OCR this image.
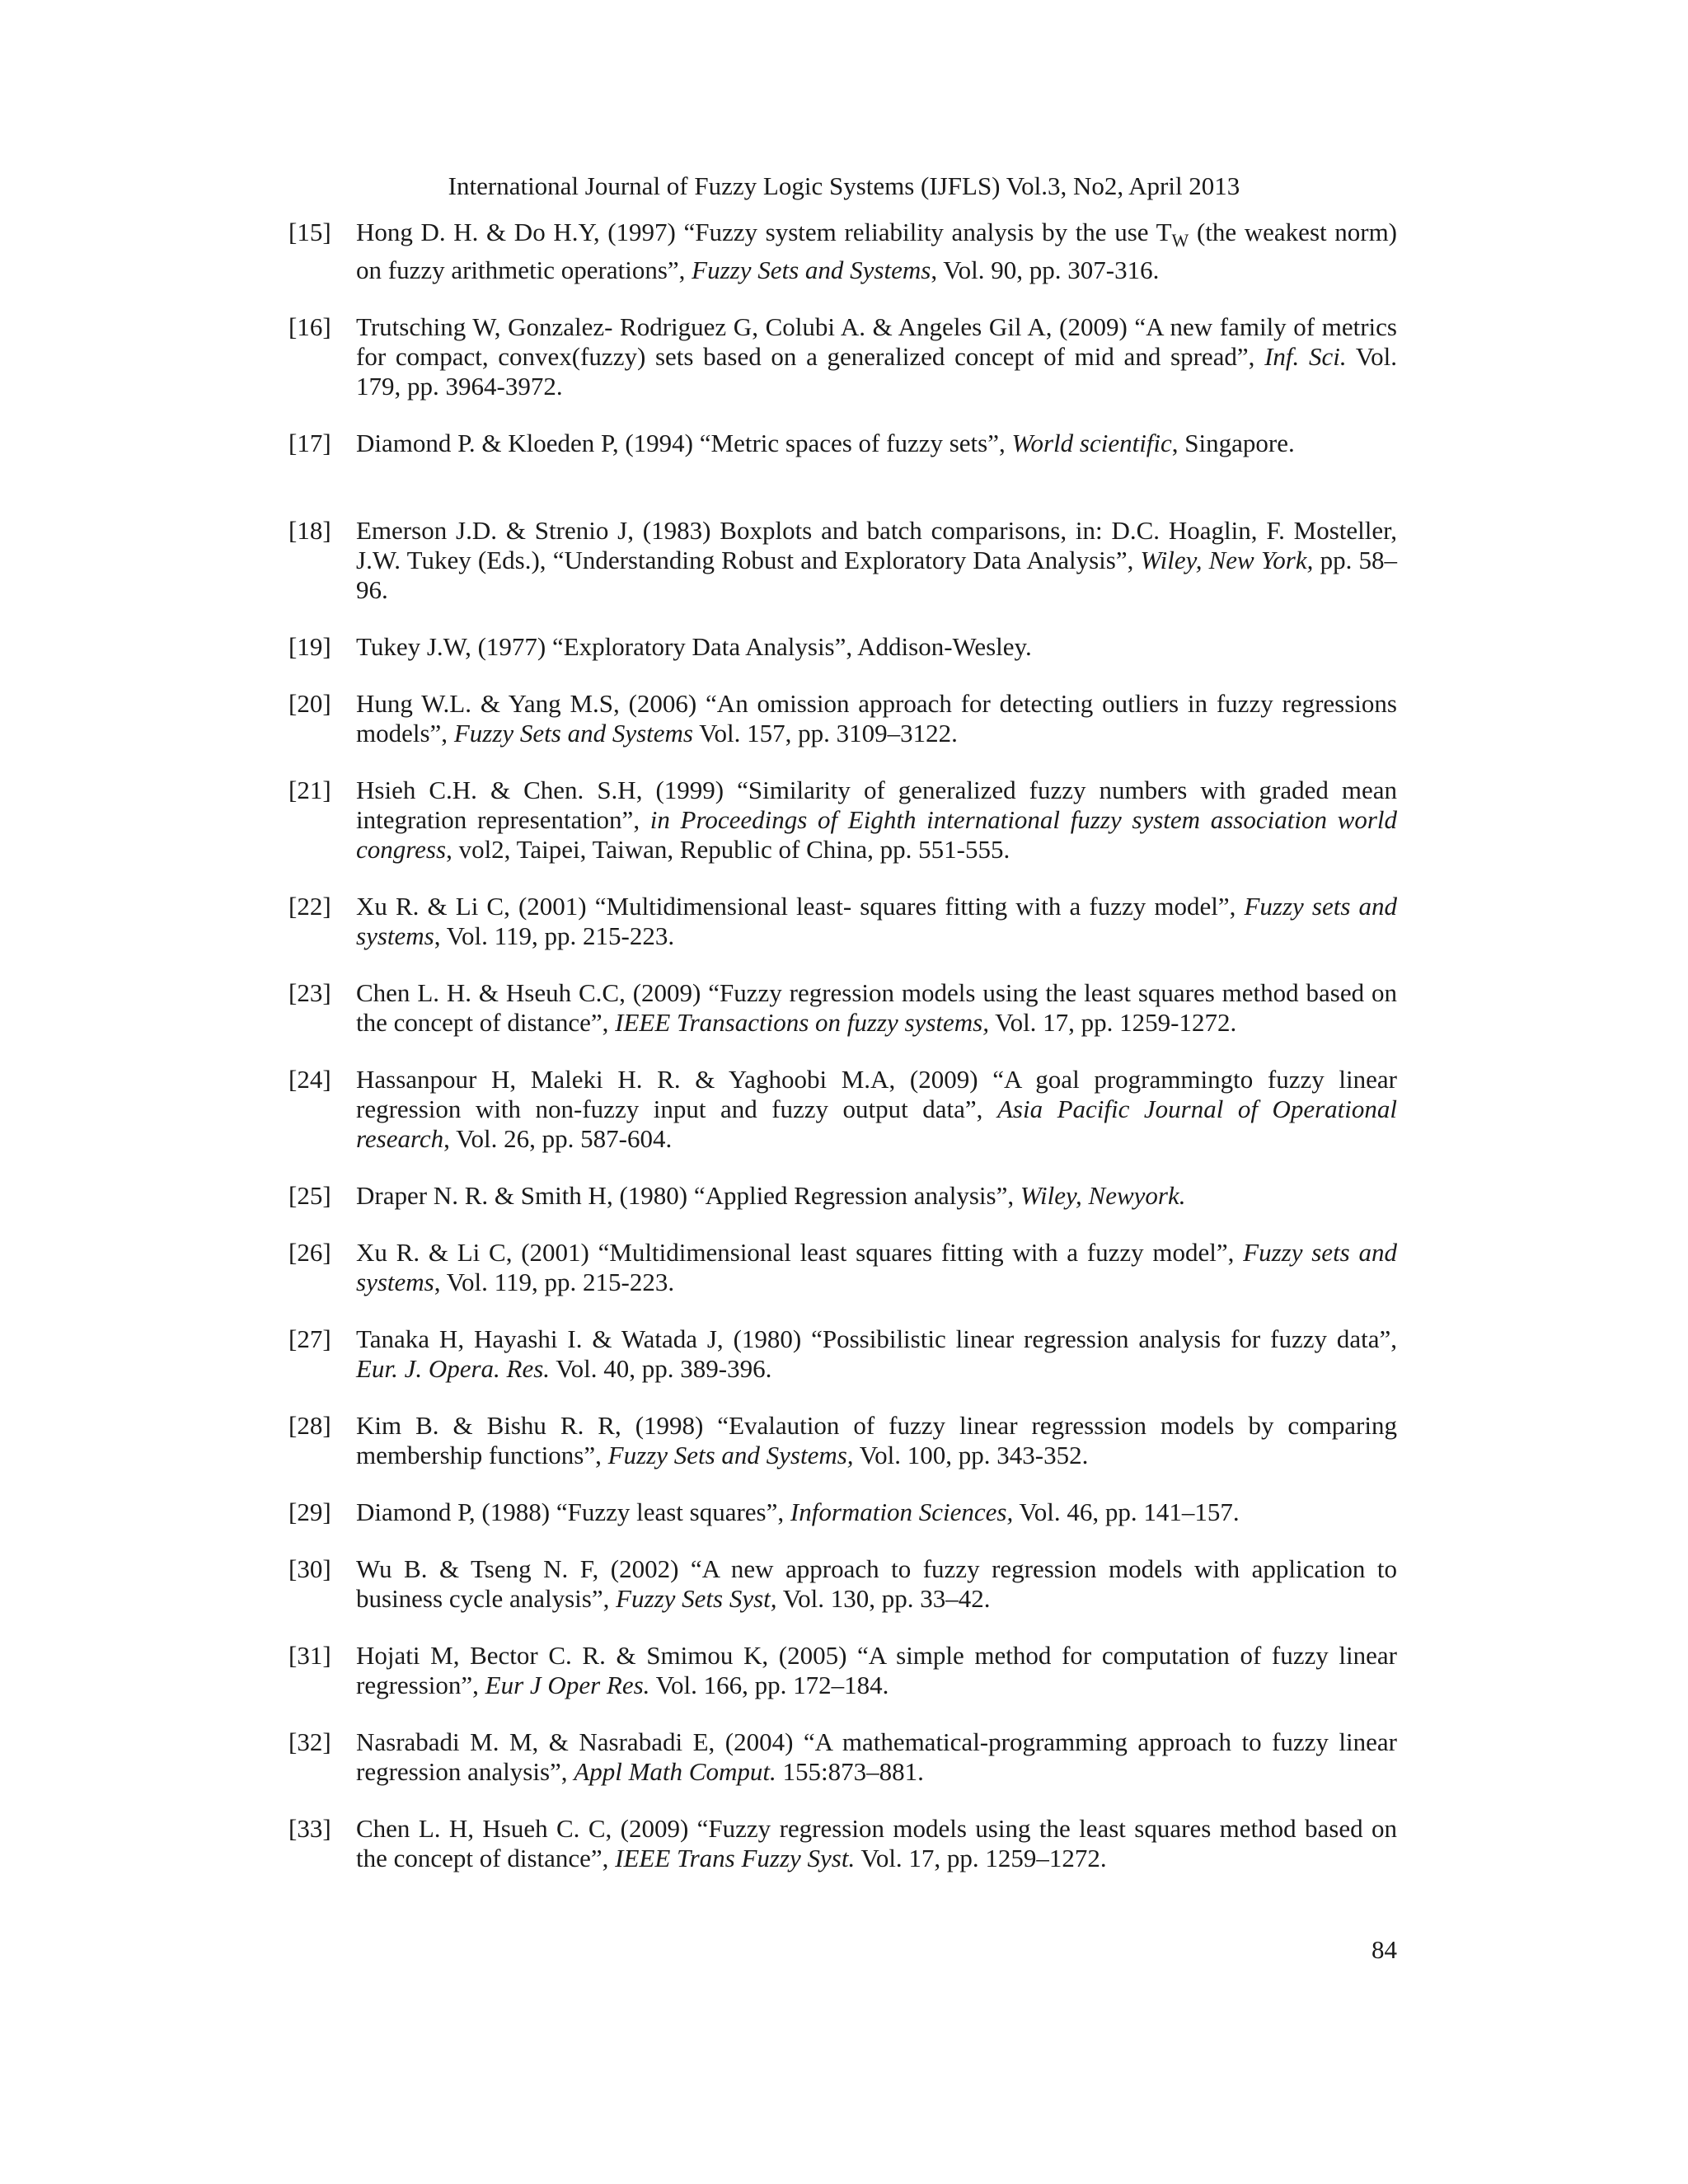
International Journal of Fuzzy Logic Systems (IJFLS) Vol.3, No2, April 2013
[15] Hong D. H. & Do H.Y, (1997) “Fuzzy system reliability analysis by the use $T_W$ (the weakest norm) on fuzzy arithmetic operations”, Fuzzy Sets and Systems, Vol. 90, pp. 307-316.
[16] Trutsching W, Gonzalez- Rodriguez G, Colubi A. & Angeles Gil A, (2009) “A new family of metrics for compact, convex(fuzzy) sets based on a generalized concept of mid and spread”, Inf. Sci. Vol. 179, pp. 3964-3972.
[17] Diamond P. & Kloeden P, (1994) “Metric spaces of fuzzy sets”, World scientific, Singapore.
[18] Emerson J.D. & Strenio J, (1983) Boxplots and batch comparisons, in: D.C. Hoaglin, F. Mosteller, J.W. Tukey (Eds.), “Understanding Robust and Exploratory Data Analysis”, Wiley, New York, pp. 58–96.
[19] Tukey J.W, (1977) “Exploratory Data Analysis”, Addison-Wesley.
[20] Hung W.L. & Yang M.S, (2006) “An omission approach for detecting outliers in fuzzy regressions models”, Fuzzy Sets and Systems Vol. 157, pp. 3109–3122.
[21] Hsieh C.H. & Chen. S.H, (1999) “Similarity of generalized fuzzy numbers with graded mean integration representation”, in Proceedings of Eighth international fuzzy system association world congress, vol2, Taipei, Taiwan, Republic of China, pp. 551-555.
[22] Xu R. & Li C, (2001) “Multidimensional least- squares fitting with a fuzzy model”, Fuzzy sets and systems, Vol. 119, pp. 215-223.
[23] Chen L. H. & Hseuh C.C, (2009) “Fuzzy regression models using the least squares method based on the concept of distance”, IEEE Transactions on fuzzy systems, Vol. 17, pp. 1259-1272.
[24] Hassanpour H, Maleki H. R. & Yaghoobi M.A, (2009) “A goal programmingto fuzzy linear regression with non-fuzzy input and fuzzy output data”, Asia Pacific Journal of Operational research, Vol. 26, pp. 587-604.
[25] Draper N. R. & Smith H, (1980) “Applied Regression analysis”, Wiley, Newyork.
[26] Xu R. & Li C, (2001) “Multidimensional least squares fitting with a fuzzy model”, Fuzzy sets and systems, Vol. 119, pp. 215-223.
[27] Tanaka H, Hayashi I. & Watada J, (1980) “Possibilistic linear regression analysis for fuzzy data”, Eur. J. Opera. Res. Vol. 40, pp. 389-396.
[28] Kim B. & Bishu R. R, (1998) “Evalaution of fuzzy linear regresssion models by comparing membership functions”, Fuzzy Sets and Systems, Vol. 100, pp. 343-352.
[29] Diamond P, (1988) “Fuzzy least squares”, Information Sciences, Vol. 46, pp. 141–157.
[30] Wu B. & Tseng N. F, (2002) “A new approach to fuzzy regression models with application to business cycle analysis”, Fuzzy Sets Syst, Vol. 130, pp. 33–42.
[31] Hojati M, Bector C. R. & Smimou K, (2005) “A simple method for computation of fuzzy linear regression”, Eur J Oper Res. Vol. 166, pp. 172–184.
[32] Nasrabadi M. M, & Nasrabadi E, (2004) “A mathematical-programming approach to fuzzy linear regression analysis”, Appl Math Comput. 155:873–881.
[33] Chen L. H, Hsueh C. C, (2009) “Fuzzy regression models using the least squares method based on the concept of distance”, IEEE Trans Fuzzy Syst. Vol. 17, pp. 1259–1272.
84
